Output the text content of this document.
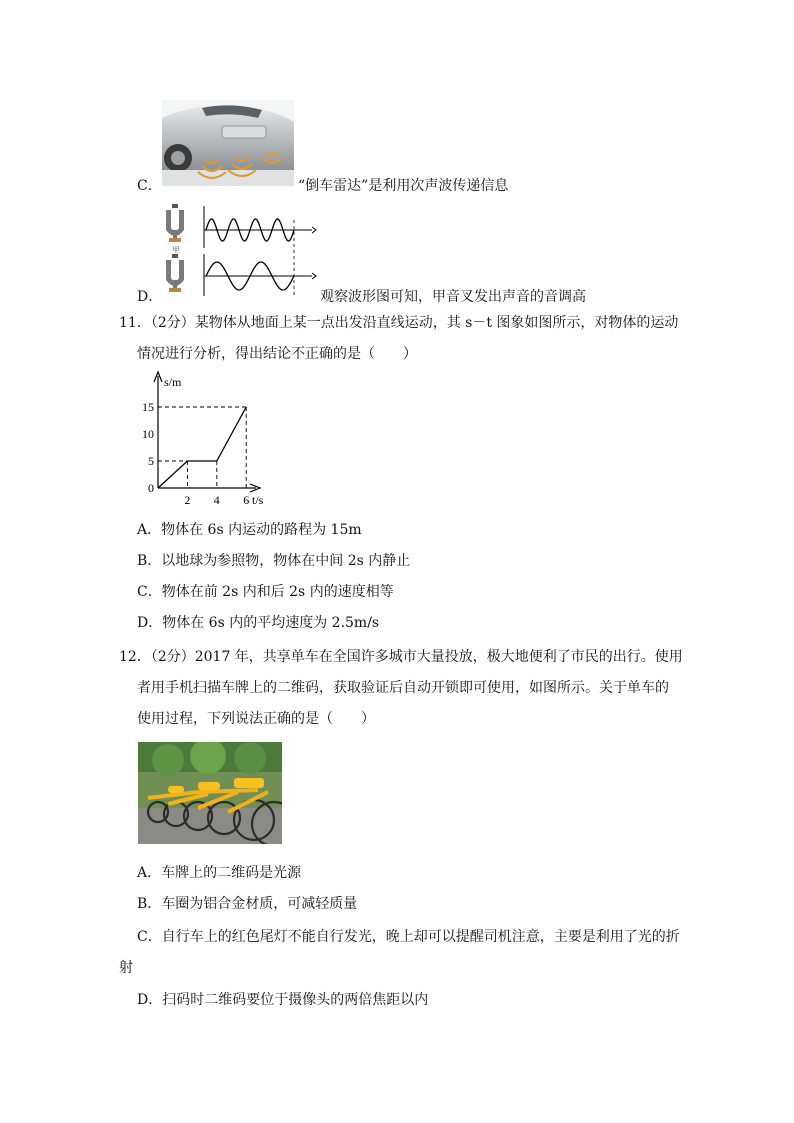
C．	“倒车雷达”是利用次声波传递信息
甲
D．	观察波形图可知，甲音叉发出声音的音调高
11．（2分）某物体从地面上某一点出发沿直线运动，其 s－t 图象如图所示，对物体的运动
情况进行分析，得出结论不正确的是（　　）
s/m
t/s
2 4 6
0
5
10
15
A．物体在 6s 内运动的路程为 15m
B．以地球为参照物，物体在中间 2s 内静止
C．物体在前 2s 内和后 2s 内的速度相等
D．物体在 6s 内的平均速度为 2.5m/s
12．（2分）2017 年，共享单车在全国许多城市大量投放，极大地便利了市民的出行。使用
者用手机扫描车牌上的二维码，获取验证后自动开锁即可使用，如图所示。关于单车的
使用过程，下列说法正确的是（　　）
A．车牌上的二维码是光源
B．车圈为铝合金材质，可减轻质量
C．自行车上的红色尾灯不能自行发光，晚上却可以提醒司机注意，主要是利用了光的折
射
D．扫码时二维码要位于摄像头的两倍焦距以内
